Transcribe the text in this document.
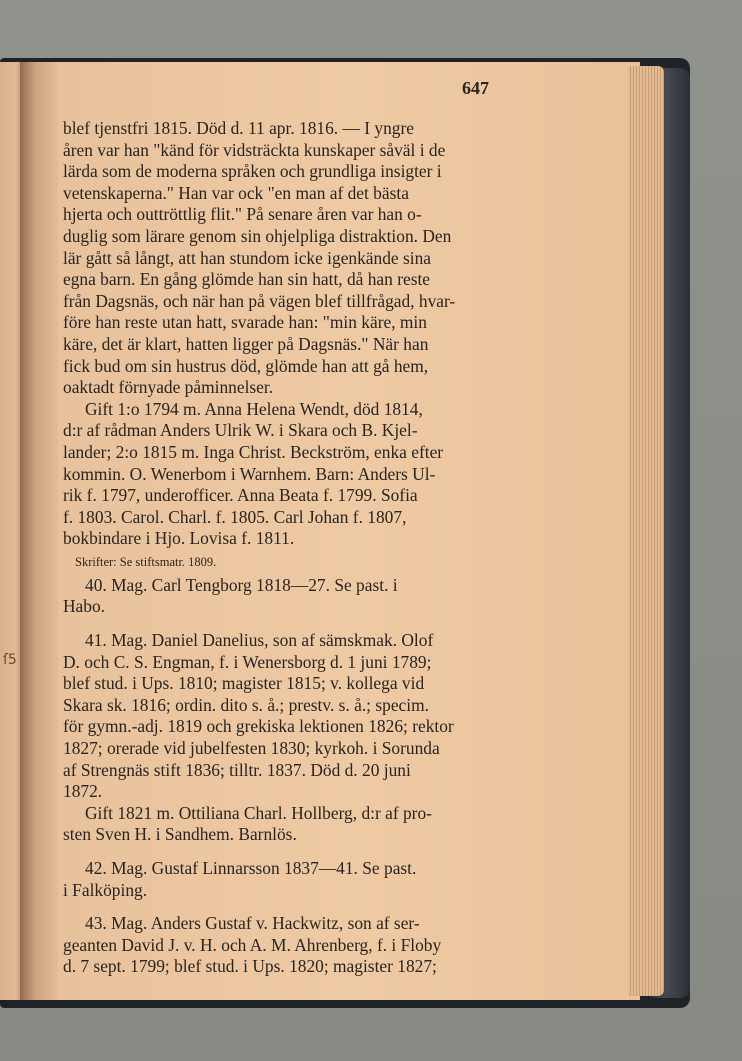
ſ5
647
blef tjenstfri 1815. Död d. 11 apr. 1816. — I yngre
åren var han "känd för vidsträckta kunskaper såväl i de
lärda som de moderna språken och grundliga insigter i
vetenskaperna." Han var ock "en man af det bästa
hjerta och outtröttlig flit." På senare åren var han o-
duglig som lärare genom sin ohjelpliga distraktion. Den
lär gått så långt, att han stundom icke igenkände sina
egna barn. En gång glömde han sin hatt, då han reste
från Dagsnäs, och när han på vägen blef tillfrågad, hvar-
före han reste utan hatt, svarade han: "min käre, min
käre, det är klart, hatten ligger på Dagsnäs." När han
fick bud om sin hustrus död, glömde han att gå hem,
oaktadt förnyade påminnelser.
Gift 1:o 1794 m. Anna Helena Wendt, död 1814,
d:r af rådman Anders Ulrik W. i Skara och B. Kjel-
lander; 2:o 1815 m. Inga Christ. Beckström, enka efter
kommin. O. Wenerbom i Warnhem. Barn: Anders Ul-
rik f. 1797, underofficer. Anna Beata f. 1799. Sofia
f. 1803. Carol. Charl. f. 1805. Carl Johan f. 1807,
bokbindare i Hjo. Lovisa f. 1811.
Skrifter: Se stiftsmatr. 1809.
40. Mag. Carl Tengborg 1818—27. Se past. i
Habo.
41. Mag. Daniel Danelius, son af sämskmak. Olof
D. och C. S. Engman, f. i Wenersborg d. 1 juni 1789;
blef stud. i Ups. 1810; magister 1815; v. kollega vid
Skara sk. 1816; ordin. dito s. å.; prestv. s. å.; specim.
för gymn.-adj. 1819 och grekiska lektionen 1826; rektor
1827; orerade vid jubelfesten 1830; kyrkoh. i Sorunda
af Strengnäs stift 1836; tilltr. 1837. Död d. 20 juni
1872.
Gift 1821 m. Ottiliana Charl. Hollberg, d:r af pro-
sten Sven H. i Sandhem. Barnlös.
42. Mag. Gustaf Linnarsson 1837—41. Se past.
i Falköping.
43. Mag. Anders Gustaf v. Hackwitz, son af ser-
geanten David J. v. H. och A. M. Ahrenberg, f. i Floby
d. 7 sept. 1799; blef stud. i Ups. 1820; magister 1827;
